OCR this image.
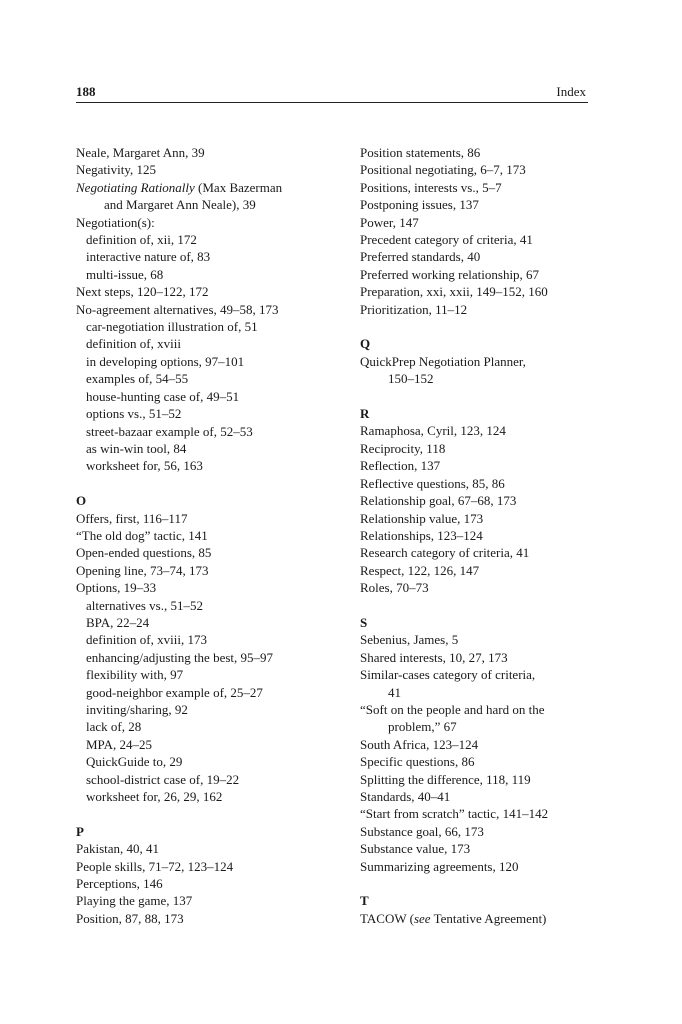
188	Index
Neale, Margaret Ann, 39
Negativity, 125
Negotiating Rationally (Max Bazerman
and Margaret Ann Neale), 39
Negotiation(s):
definition of, xii, 172
interactive nature of, 83
multi-issue, 68
Next steps, 120–122, 172
No-agreement alternatives, 49–58, 173
car-negotiation illustration of, 51
definition of, xviii
in developing options, 97–101
examples of, 54–55
house-hunting case of, 49–51
options vs., 51–52
street-bazaar example of, 52–53
as win-win tool, 84
worksheet for, 56, 163
O
Offers, first, 116–117
“The old dog” tactic, 141
Open-ended questions, 85
Opening line, 73–74, 173
Options, 19–33
alternatives vs., 51–52
BPA, 22–24
definition of, xviii, 173
enhancing/adjusting the best, 95–97
flexibility with, 97
good-neighbor example of, 25–27
inviting/sharing, 92
lack of, 28
MPA, 24–25
QuickGuide to, 29
school-district case of, 19–22
worksheet for, 26, 29, 162
P
Pakistan, 40, 41
People skills, 71–72, 123–124
Perceptions, 146
Playing the game, 137
Position, 87, 88, 173
Position statements, 86
Positional negotiating, 6–7, 173
Positions, interests vs., 5–7
Postponing issues, 137
Power, 147
Precedent category of criteria, 41
Preferred standards, 40
Preferred working relationship, 67
Preparation, xxi, xxii, 149–152, 160
Prioritization, 11–12
Q
QuickPrep Negotiation Planner,
150–152
R
Ramaphosa, Cyril, 123, 124
Reciprocity, 118
Reflection, 137
Reflective questions, 85, 86
Relationship goal, 67–68, 173
Relationship value, 173
Relationships, 123–124
Research category of criteria, 41
Respect, 122, 126, 147
Roles, 70–73
S
Sebenius, James, 5
Shared interests, 10, 27, 173
Similar-cases category of criteria,
41
“Soft on the people and hard on the
problem,” 67
South Africa, 123–124
Specific questions, 86
Splitting the difference, 118, 119
Standards, 40–41
“Start from scratch” tactic, 141–142
Substance goal, 66, 173
Substance value, 173
Summarizing agreements, 120
T
TACOW (see Tentative Agreement)
